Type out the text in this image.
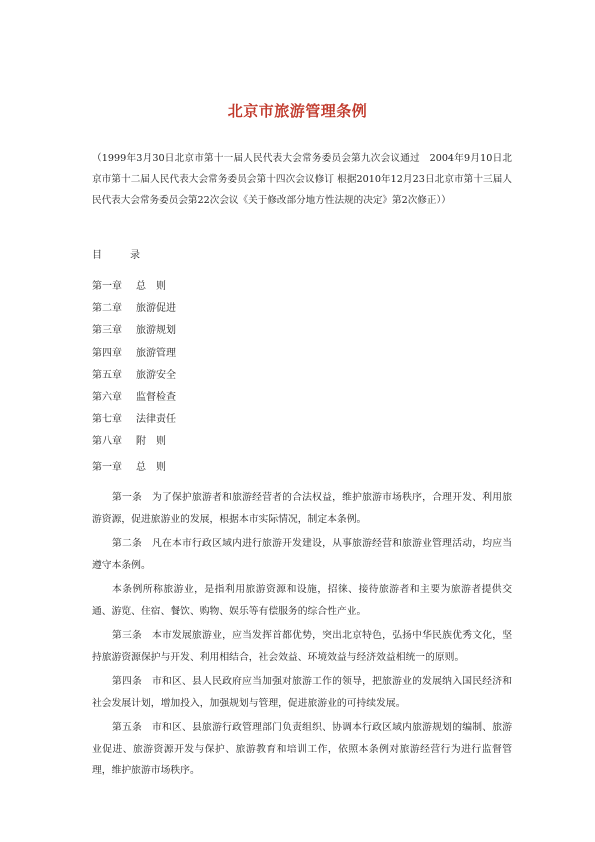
北京市旅游管理条例
（1999年3月30日北京市第十一届人民代表大会常务委员会第九次会议通过　2004年9月10日北京市第十二届人民代表大会常务委员会第十四次会议修订 根据2010年12月23日北京市第十三届人民代表大会常务委员会第22次会议《关于修改部分地方性法规的决定》第2次修正））
目	录
第一章 总　则
第二章 旅游促进
第三章 旅游规划
第四章 旅游管理
第五章 旅游安全
第六章 监督检查
第七章 法律责任
第八章 附　则
第一章 总　则

第一条 为了保护旅游者和旅游经营者的合法权益，维护旅游市场秩序，合理开发、利用旅游资源，促进旅游业的发展，根据本市实际情况，制定本条例。

第二条 凡在本市行政区域内进行旅游开发建设，从事旅游经营和旅游业管理活动，均应当遵守本条例。

本条例所称旅游业，是指利用旅游资源和设施，招徕、接待旅游者和主要为旅游者提供交通、游览、住宿、餐饮、购物、娱乐等有偿服务的综合性产业。

第三条 本市发展旅游业，应当发挥首都优势，突出北京特色，弘扬中华民族优秀文化，坚持旅游资源保护与开发、利用相结合，社会效益、环境效益与经济效益相统一的原则。

第四条 市和区、县人民政府应当加强对旅游工作的领导，把旅游业的发展纳入国民经济和社会发展计划，增加投入，加强规划与管理，促进旅游业的可持续发展。

第五条 市和区、县旅游行政管理部门负责组织、协调本行政区域内旅游规划的编制、旅游业促进、旅游资源开发与保护、旅游教育和培训工作，依照本条例对旅游经营行为进行监督管理，维护旅游市场秩序。
